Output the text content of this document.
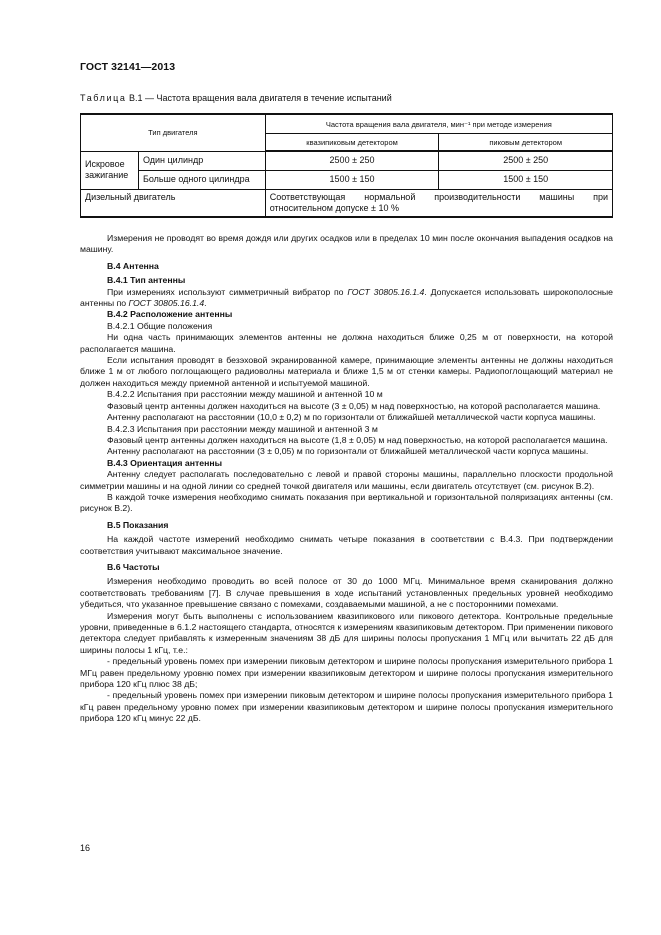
ГОСТ 32141—2013
Таблица В.1 — Частота вращения вала двигателя в течение испытаний
Тип двигателя		Частота вращения вала двигателя, мин⁻¹ при методе измерения	
		квазипиковым детектором	пиковым детектором
Искровое зажигание	Один цилиндр	2500 ± 250	2500 ± 250
	Больше одного цилиндра	1500 ± 150	1500 ± 150
Дизельный двигатель		Соответствующая нормальной производительности машины при относительном допуске ± 10 %	

Измерения не проводят во время дождя или других осадков или в пределах 10 мин после окончания выпадения осадков на машину.

В.4 Антенна
В.4.1 Тип антенны

При измерениях используют симметричный вибратор по ГОСТ 30805.16.1.4. Допускается использовать широкополосные антенны по ГОСТ 30805.16.1.4.

В.4.2 Расположение антенны

В.4.2.1 Общие положения

Ни одна часть принимающих элементов антенны не должна находиться ближе 0,25 м от поверхности, на которой располагается машина.

Если испытания проводят в безэховой экранированной камере, принимающие элементы антенны не должны находиться ближе 1 м от любого поглощающего радиоволны материала и ближе 1,5 м от стенки камеры. Радиопоглощающий материал не должен находиться между приемной антенной и испытуемой машиной.

В.4.2.2 Испытания при расстоянии между машиной и антенной 10 м

Фазовый центр антенны должен находиться на высоте (3 ± 0,05) м над поверхностью, на которой располагается машина.

Антенну располагают на расстоянии (10,0 ± 0,2) м по горизонтали от ближайшей металлической части корпуса машины.

В.4.2.3 Испытания при расстоянии между машиной и антенной 3 м

Фазовый центр антенны должен находиться на высоте (1,8 ± 0,05) м над поверхностью, на которой располагается машина.

Антенну располагают на расстоянии (3 ± 0,05) м по горизонтали от ближайшей металлической части корпуса машины.

В.4.3 Ориентация антенны

Антенну следует располагать последовательно с левой и правой стороны машины, параллельно плоскости продольной симметрии машины и на одной линии со средней точкой двигателя или машины, если двигатель отсутствует (см. рисунок В.2).

В каждой точке измерения необходимо снимать показания при вертикальной и горизонтальной поляризациях антенны (см. рисунок В.2).

В.5 Показания

На каждой частоте измерений необходимо снимать четыре показания в соответствии с В.4.3. При подтверждении соответствия учитывают максимальное значение.

В.6 Частоты

Измерения необходимо проводить во всей полосе от 30 до 1000 МГц. Минимальное время сканирования должно соответствовать требованиям [7]. В случае превышения в ходе испытаний установленных предельных уровней необходимо убедиться, что указанное превышение связано с помехами, создаваемыми машиной, а не с посторонними помехами.

Измерения могут быть выполнены с использованием квазипикового или пикового детектора. Контрольные предельные уровни, приведенные в 6.1.2 настоящего стандарта, относятся к измерениям квазипиковым детектором. При применении пикового детектора следует прибавлять к измеренным значениям 38 дБ для ширины полосы пропускания 1 МГц или вычитать 22 дБ для ширины полосы 1 кГц, т.е.:

- предельный уровень помех при измерении пиковым детектором и ширине полосы пропускания измерительного прибора 1 МГц равен предельному уровню помех при измерении квазипиковым детектором и ширине полосы пропускания измерительного прибора 120 кГц плюс 38 дБ;

- предельный уровень помех при измерении пиковым детектором и ширине полосы пропускания измерительного прибора 1 кГц равен предельному уровню помех при измерении квазипиковым детектором и ширине полосы пропускания измерительного прибора 120 кГц минус 22 дБ.

16
